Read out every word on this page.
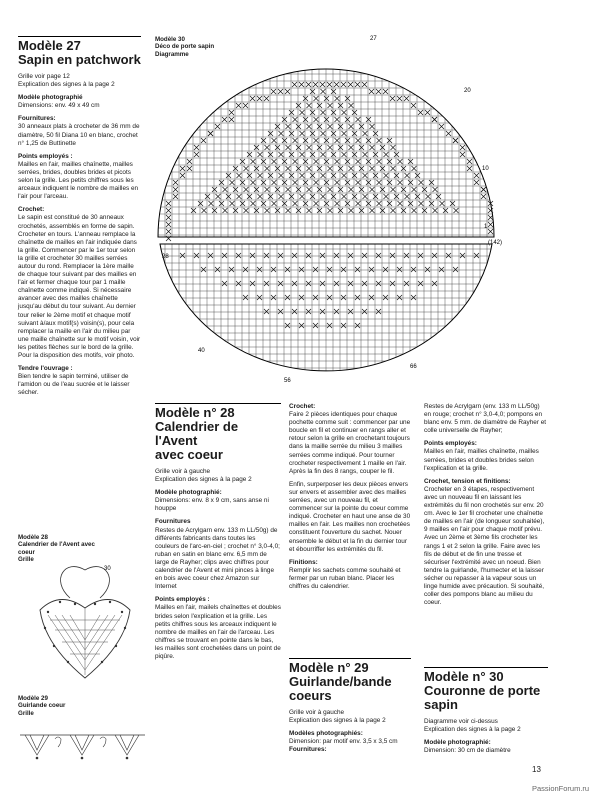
Modèle 27
Sapin en patchwork

Grille voir page 12
Explication des signes à la page 2

Modèle photographié
Dimensions: env. 49 x 49 cm

Fournitures:
30 anneaux plats à crocheter de 36 mm de diamètre, 50 fil Diana 10 en blanc, crochet n° 1,25 de Buttinette

Points employés :
Mailles en l'air, mailles chaînette, mailles serrées, brides, doubles brides et picots selon la grille. Les petits chiffres sous les arceaux indiquent le nombre de mailles en l'air pour l'arceau.

Crochet:
Le sapin est constitué de 30 anneaux crochetés, assemblés en forme de sapin. Crocheter en tours. L'anneau remplace la chaînette de mailles en l'air indiquée dans la grille. Commencer par le 1er tour selon la grille et crocheter 30 mailles serrées autour du rond. Remplacer la 1ère maille de chaque tour suivant par des mailles en l'air et fermer chaque tour par 1 maille chaînette comme indiqué. Si nécessaire avancer avec des mailles chaînette jusqu'au début du tour suivant. Au dernier tour relier le 2ème motif et chaque motif suivant à/aux motif(s) voisin(s), pour cela remplacer la maille en l'air du milieu par une maille chaînette sur le motif voisin, voir les petites flèches sur le bord de la grille. Pour la disposition des motifs, voir photo.

Tendre l'ouvrage :
Bien tendre le sapin terminé, utiliser de l'amidon ou de l'eau sucrée et le laisser sécher.

Modèle 28
Calendrier de l'Avent avec
coeur
Grille
30
Modèle 29
Guirlande coeur
Grille
Modèle 30
Déco de porte sapin
Diagramme
27
20
10
1
(142)
28
40
56
66
Modèle n° 28
Calendrier de l'Avent
avec coeur

Grille voir à gauche
Explication des signes à la page 2

Modèle photographié:
Dimensions: env. 8 x 9 cm, sans anse ni houppe

Fournitures
Restes de Acrylgarn env. 133 m LL/50g) de différents fabricants dans toutes les couleurs de l'arc-en-ciel ; crochet n° 3,0-4,0; ruban en satin en blanc env. 6,5 mm de large de Rayher; clips avec chiffres pour calendrier de l'Avent et mini pinces à linge en bois avec coeur chez Amazon sur Internet

Points employés :
Mailles en l'air, mailels chaînettes et doubles brides selon l'explication et la grille. Les petits chiffres sous les arceaux indiquent le nombre de mailles en l'air de l'arceau. Les chiffres se trouvant en pointe dans le bas, les mailles sont crochetées dans un point de piqûre.

Crochet:
Faire 2 pièces identiques pour chaque pochette comme suit : commencer par une boucle en fil et continuer en rangs aller et retour selon la grille en crochetant toujours dans la maille serrée du milieu 3 mailles serrées comme indiqué. Pour tourner crocheter respectivement 1 maille en l'air. Après la fin des 8 rangs, couper le fil.

Enfin, surperposer les deux pièces envers sur envers et assembler avec des mailles serrées, avec un nouveau fil, et commencer sur la pointe du coeur comme indiqué. Crocheter en haut une anse de 30 mailles en l'air. Les mailles non crochetées constituent l'ouverture du sachet. Nouer ensemble le début et la fin du dernier tour et ébourriffer les extrémités du fil.

Finitions:
Remplir les sachets comme souhaité et fermer par un ruban blanc. Placer les chiffres du calendrier.

Modèle n° 29
Guirlande/bande
coeurs

Grille voir à gauche
Explication des signes à la page 2

Modèles photographiés:
Dimension: par motif env. 3,5 x 3,5 cm
Fournitures:

Restes de Acrylgarn (env. 133 m LL/50g) en rouge; crochet n° 3,0-4,0; pompons en blanc env. 5 mm. de diamètre de Rayher et colle universelle de Rayher;

Points employés:
Mailles en l'air, mailles chaînette, mailles serrées, brides et doubles brides selon l'explication et la grille.

Crochet, tension et finitions:
Crocheter en 3 étapes, respectivement avec un nouveau fil en laissant les extrémités du fil non crochetés sur env. 20 cm. Avec le 1er fil crocheter une chaînette de mailles en l'air (de longueur souhaitée), 9 mailles en l'air pour chaque motif prévu. Avec un 2ème et 3ème fils crocheter les rangs 1 et 2 selon la grille. Faire avec les fils de début et de fin une tresse et sécuriser l'extrémité avec un noeud. Bien tendre la guirlande, l'humecter et la laisser sécher ou repasser à la vapeur sous un linge humide avec précaution. Si souhaité, coller des pompons blanc au milieu du coeur.

Modèle n° 30
Couronne de porte
sapin

Diagramme voir ci-dessus
Explication des signes à la page 2

Modèle photographié:
Dimension: 30 cm de diamètre

13
PassionForum.ru
